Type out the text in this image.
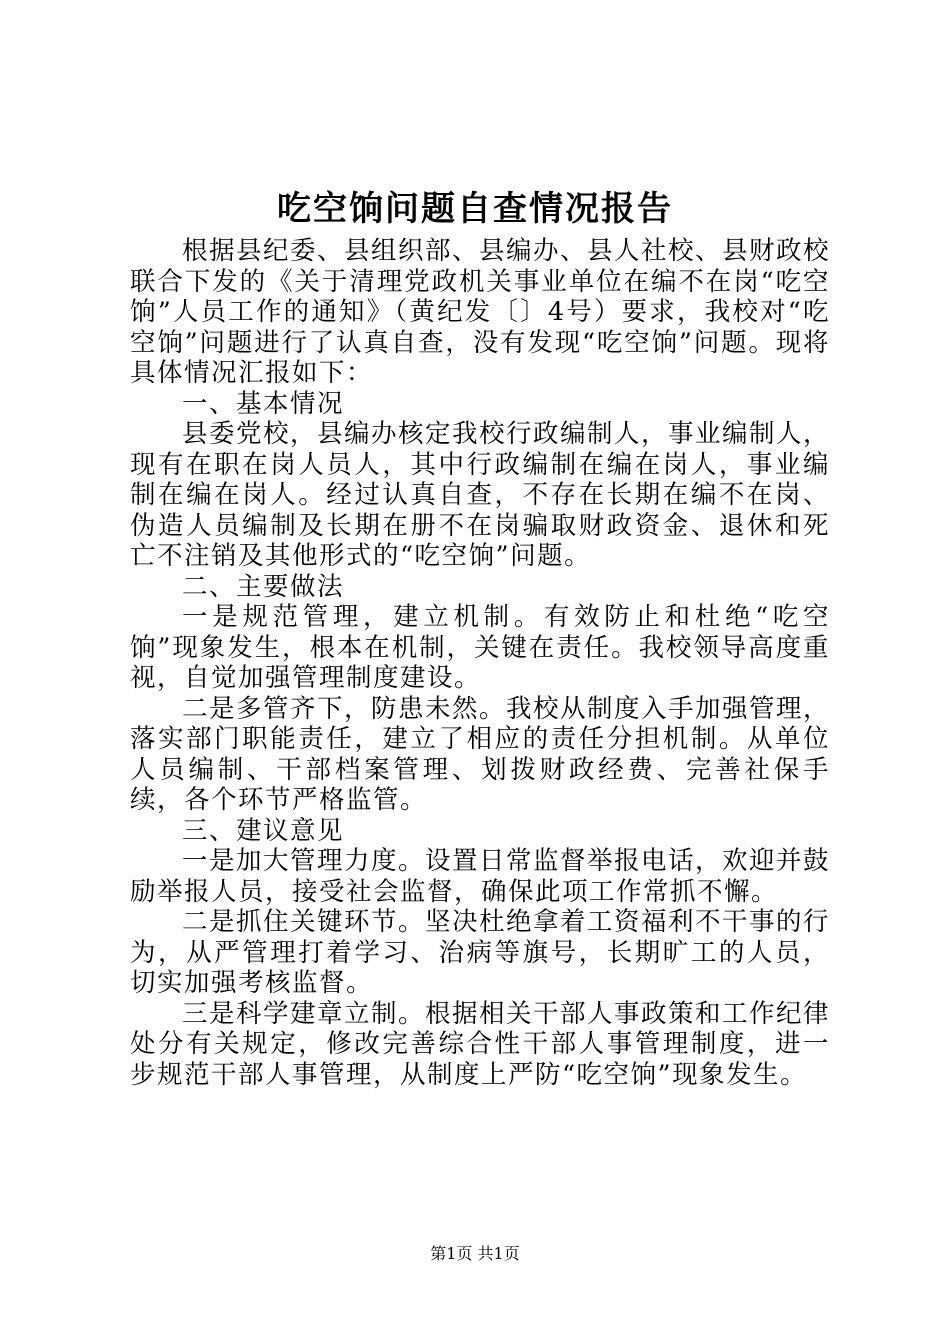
吃空饷问题自查情况报告

根据县纪委、县组织部、县编办、县人社校、县财政校联合下发的《关于清理党政机关事业单位在编不在岗“吃空饷”人员工作的通知》（黄纪发〔〕4号）要求，我校对“吃空饷”问题进行了认真自查，没有发现“吃空饷”问题。现将具体情况汇报如下：

一、基本情况

县委党校，县编办核定我校行政编制人，事业编制人，现有在职在岗人员人，其中行政编制在编在岗人，事业编制在编在岗人。经过认真自查，不存在长期在编不在岗、伪造人员编制及长期在册不在岗骗取财政资金、退休和死亡不注销及其他形式的“吃空饷”问题。

二、主要做法

一是规范管理，建立机制。有效防止和杜绝“吃空饷”现象发生，根本在机制，关键在责任。我校领导高度重视，自觉加强管理制度建设。

二是多管齐下，防患未然。我校从制度入手加强管理，落实部门职能责任，建立了相应的责任分担机制。从单位人员编制、干部档案管理、划拨财政经费、完善社保手续，各个环节严格监管。

三、建议意见

一是加大管理力度。设置日常监督举报电话，欢迎并鼓励举报人员，接受社会监督，确保此项工作常抓不懈。

二是抓住关键环节。坚决杜绝拿着工资福利不干事的行为，从严管理打着学习、治病等旗号，长期旷工的人员，切实加强考核监督。

三是科学建章立制。根据相关干部人事政策和工作纪律处分有关规定，修改完善综合性干部人事管理制度，进一步规范干部人事管理，从制度上严防“吃空饷”现象发生。

第1页 共1页
